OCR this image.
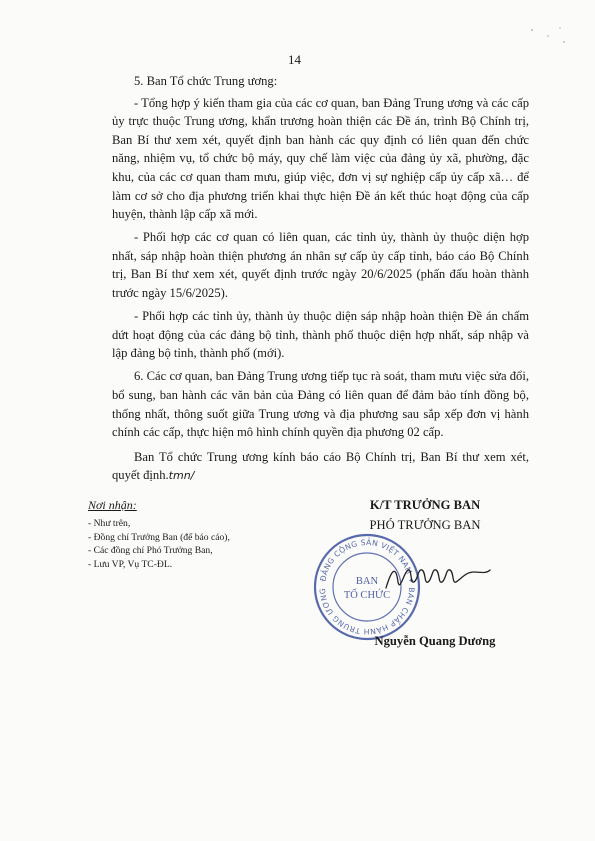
14

5. Ban Tổ chức Trung ương:

- Tổng hợp ý kiến tham gia của các cơ quan, ban Đảng Trung ương và các cấp ủy trực thuộc Trung ương, khẩn trương hoàn thiện các Đề án, trình Bộ Chính trị, Ban Bí thư xem xét, quyết định ban hành các quy định có liên quan đến chức năng, nhiệm vụ, tổ chức bộ máy, quy chế làm việc của đảng ủy xã, phường, đặc khu, của các cơ quan tham mưu, giúp việc, đơn vị sự nghiệp cấp ủy cấp xã… để làm cơ sở cho địa phương triển khai thực hiện Đề án kết thúc hoạt động của cấp huyện, thành lập cấp xã mới.

- Phối hợp các cơ quan có liên quan, các tỉnh ủy, thành ủy thuộc diện hợp nhất, sáp nhập hoàn thiện phương án nhân sự cấp ủy cấp tỉnh, báo cáo Bộ Chính trị, Ban Bí thư xem xét, quyết định trước ngày 20/6/2025 (phấn đấu hoàn thành trước ngày 15/6/2025).

- Phối hợp các tỉnh ủy, thành ủy thuộc diện sáp nhập hoàn thiện Đề án chấm dứt hoạt động của các đảng bộ tỉnh, thành phố thuộc diện hợp nhất, sáp nhập và lập đảng bộ tỉnh, thành phố (mới).

6. Các cơ quan, ban Đảng Trung ương tiếp tục rà soát, tham mưu việc sửa đổi, bổ sung, ban hành các văn bản của Đảng có liên quan để đảm bảo tính đồng bộ, thống nhất, thông suốt giữa Trung ương và địa phương sau sắp xếp đơn vị hành chính các cấp, thực hiện mô hình chính quyền địa phương 02 cấp.

Ban Tổ chức Trung ương kính báo cáo Bộ Chính trị, Ban Bí thư xem xét, quyết định.tmn/

Nơi nhận:
- Như trên,
- Đồng chí Trưởng Ban (để báo cáo),
- Các đồng chí Phó Trưởng Ban,
- Lưu VP, Vụ TC-ĐL.

K/T TRƯỞNG BAN

PHÓ TRƯỞNG BAN

ĐẢNG CỘNG SẢN VIỆT NAM ✦ BAN CHẤP HÀNH TRUNG ƯƠNG
BAN
TỔ CHỨC
Nguyễn Quang Dương
